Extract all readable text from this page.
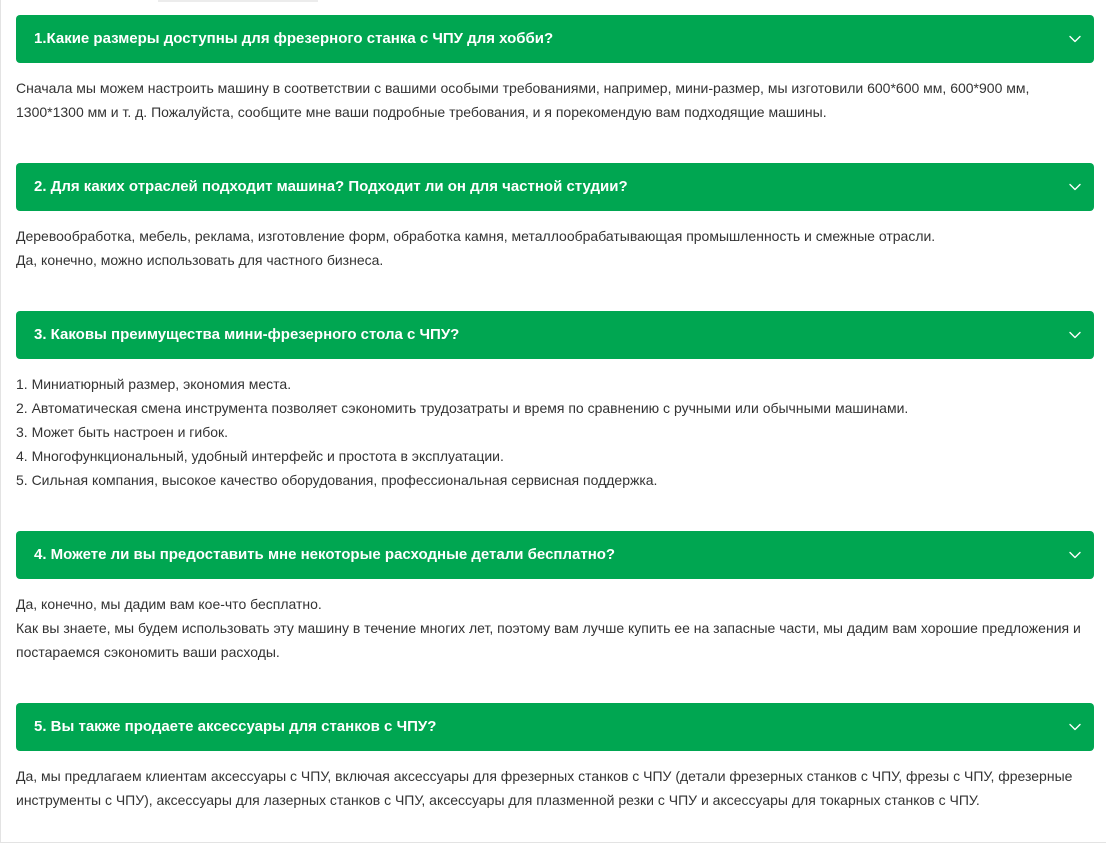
1.Какие размеры доступны для фрезерного станка с ЧПУ для хобби?
Сначала мы можем настроить машину в соответствии с вашими особыми требованиями, например, мини-размер, мы изготовили 600*600 мм, 600*900 мм, 1300*1300 мм и т. д. Пожалуйста, сообщите мне ваши подробные требования, и я порекомендую вам подходящие машины.
2. Для каких отраслей подходит машина? Подходит ли он для частной студии?
Деревообработка, мебель, реклама, изготовление форм, обработка камня, металлообрабатывающая промышленность и смежные отрасли.
Да, конечно, можно использовать для частного бизнеса.
3. Каковы преимущества мини-фрезерного стола с ЧПУ?
1. Миниатюрный размер, экономия места.
2. Автоматическая смена инструмента позволяет сэкономить трудозатраты и время по сравнению с ручными или обычными машинами.
3. Может быть настроен и гибок.
4. Многофункциональный, удобный интерфейс и простота в эксплуатации.
5. Сильная компания, высокое качество оборудования, профессиональная сервисная поддержка.
4. Можете ли вы предоставить мне некоторые расходные детали бесплатно?
Да, конечно, мы дадим вам кое-что бесплатно.
Как вы знаете, мы будем использовать эту машину в течение многих лет, поэтому вам лучше купить ее на запасные части, мы дадим вам хорошие предложения и постараемся сэкономить ваши расходы.
5. Вы также продаете аксессуары для станков с ЧПУ?
Да, мы предлагаем клиентам аксессуары с ЧПУ, включая аксессуары для фрезерных станков с ЧПУ (детали фрезерных станков с ЧПУ, фрезы с ЧПУ, фрезерные инструменты с ЧПУ), аксессуары для лазерных станков с ЧПУ, аксессуары для плазменной резки с ЧПУ и аксессуары для токарных станков с ЧПУ.
